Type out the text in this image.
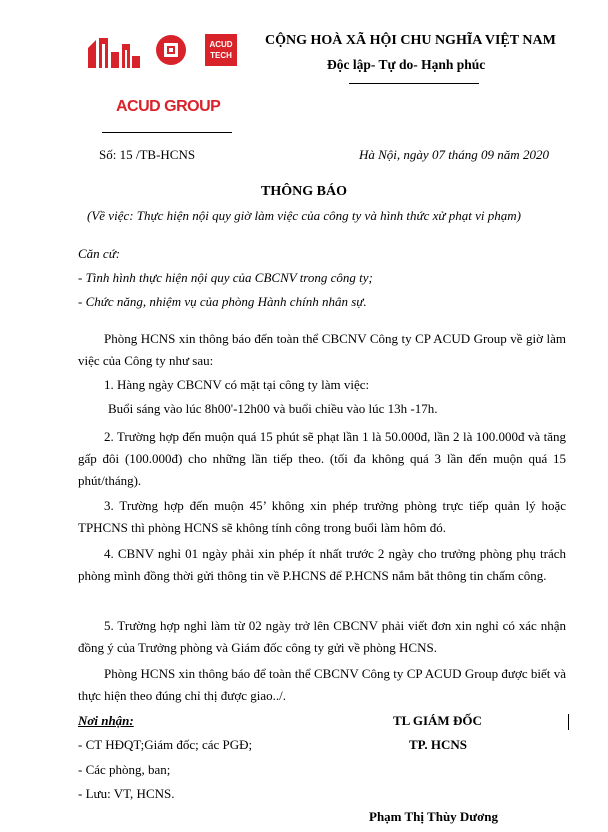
ACUD
TECH
ACUD GROUP
CỘNG HOÀ XÃ HỘI CHU NGHĨA VIỆT NAM
Độc lập- Tự do- Hạnh phúc
Số: 15 /TB-HCNS	Hà Nội, ngày 07 tháng 09 năm 2020
THÔNG BÁO
(Về việc: Thực hiện nội quy giờ làm việc của công ty và hình thức xử phạt vi phạm)
Căn cứ:
- Tình hình thực hiện nội quy của CBCNV trong công ty;
- Chức năng, nhiệm vụ của phòng Hành chính nhân sự.
Phòng HCNS xin thông báo đến toàn thể CBCNV Công ty CP ACUD Group về giờ làm việc của Công ty như sau:
1. Hàng ngày CBCNV có mặt tại công ty làm việc:
Buổi sáng vào lúc 8h00'-12h00 và buổi chiều vào lúc 13h -17h.
2. Trường hợp đến muộn quá 15 phút sẽ phạt lần 1 là 50.000đ, lần 2 là 100.000đ và tăng gấp đôi (100.000đ) cho những lần tiếp theo. (tối đa không quá 3 lần đến muộn quá 15 phút/tháng).
3. Trường hợp đến muộn 45’ không xin phép trưởng phòng trực tiếp quản lý hoặc TPHCNS thì phòng HCNS sẽ không tính công trong buổi làm hôm đó.
4. CBNV nghỉ 01 ngày phải xin phép ít nhất trước 2 ngày cho trưởng phòng phụ trách phòng mình đồng thời gửi thông tin về P.HCNS để P.HCNS nắm bắt thông tin chấm công.
5. Trường hợp nghỉ làm từ 02 ngày trở lên CBCNV phải viết đơn xin nghỉ có xác nhận đồng ý của Trưởng phòng và Giám đốc công ty gửi về phòng HCNS.
Phòng HCNS xin thông báo để toàn thể CBCNV Công ty CP ACUD Group được biết và thực hiện theo đúng chỉ thị được giao../.
Nơi nhận:
- CT HĐQT;Giám đốc; các PGĐ;
- Các phòng, ban;
- Lưu: VT, HCNS.
TL GIÁM ĐỐC
TP. HCNS
Phạm Thị Thùy Dương
